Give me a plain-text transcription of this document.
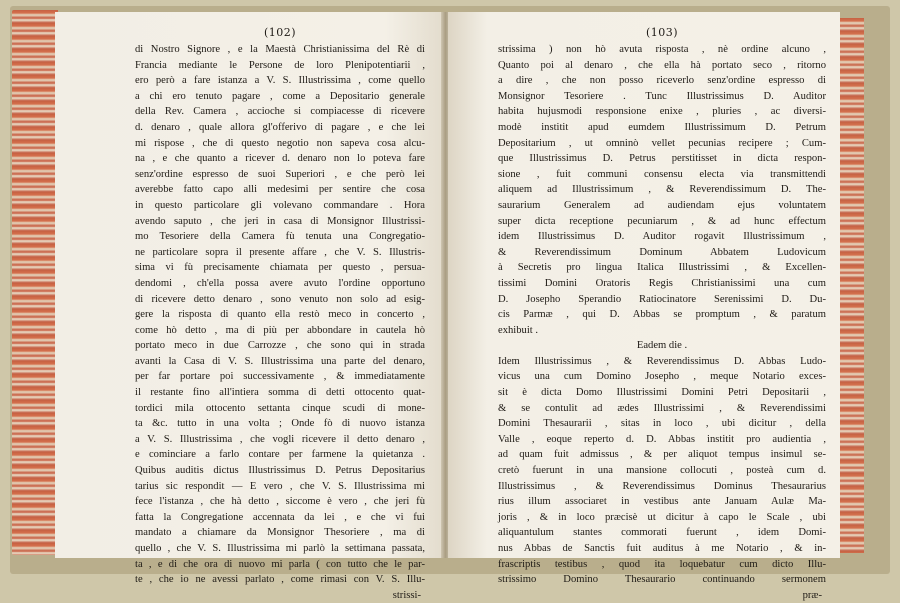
(102)
di Nostro Signore , e la Maestà Christianissima del Rè di
Francia mediante le Persone de loro Plenipotentiarii ,
ero però a fare istanza a V. S. Illustrissima , come quello
a chi ero tenuto pagare , come a Depositario generale
della Rev. Camera , accioche si compiacesse di ricevere
d. denaro , quale allora gl'offerivo di pagare , e che lei
mi rispose , che di questo negotio non sapeva cosa alcu-
na , e che quanto a ricever d. denaro non lo poteva fare
senz'ordine espresso de suoi Superiori , e che però lei
averebbe fatto capo alli medesimi per sentire che cosa
in questo particolare gli volevano commandare . Hora
avendo saputo , che jeri in casa di Monsignor Illustrissi-
mo Tesoriere della Camera fù tenuta una Congregatio-
ne particolare sopra il presente affare , che V. S. Illustris-
sima vi fù precisamente chiamata per questo , persua-
dendomi , ch'ella possa avere avuto l'ordine opportuno
di ricevere detto denaro , sono venuto non solo ad esig-
gere la risposta di quanto ella restò meco in concerto ,
come hò detto , ma di più per abbondare in cautela hò
portato meco in due Carrozze , che sono qui in strada
avanti la Casa di V. S. Illustrissima una parte del denaro,
per far portare poi successivamente , & immediatamente
il restante fino all'intiera somma di detti ottocento quat-
tordici mila ottocento settanta cinque scudi di mone-
ta &c. tutto in una volta ; Onde fò di nuovo istanza
a V. S. Illustrissima , che vogli ricevere il detto denaro ,
e cominciare a farlo contare per farmene la quietanza .
Quibus auditis dictus Illustrissimus D. Petrus Depositarius
tarius sic respondit — E vero , che V. S. Illustrissima mi
fece l'istanza , che hà detto , siccome è vero , che jeri fù
fatta la Congregatione accennata da lei , e che vi fui
mandato a chiamare da Monsignor Thesoriere , ma di
quello , che V. S. Illustrissima mi parlò la settimana passata,
ta , e di che ora di nuovo mi parla ( con tutto che le par-
te , che io ne avessi parlato , come rimasi con V. S. Illu-
strissi-
(103)
strissima ) non hò avuta risposta , nè ordine alcuno ,
Quanto poi al denaro , che ella hà portato seco , ritorno
a dire , che non posso riceverlo senz'ordine espresso di
Monsignor Tesoriere . Tunc Illustrissimus D. Auditor
habita hujusmodi responsione enixe , pluries , ac diversi-
modè institit apud eumdem Illustrissimum D. Petrum
Depositarium , ut omninò vellet pecunias recipere ; Cum-
que Illustrissimus D. Petrus perstitisset in dicta respon-
sione , fuit communi consensu electa via transmittendi
aliquem ad Illustrissimum , & Reverendissimum D. The-
saurarium Generalem ad audiendam ejus voluntatem
super dicta receptione pecuniarum , & ad hunc effectum
idem Illustrissimus D. Auditor rogavit Illustrissimum ,
& Reverendissimum Dominum Abbatem Ludovicum
à Secretis pro lingua Italica Illustrissimi , & Excellen-
tissimi Domini Oratoris Regis Christianissimi una cum
D. Josepho Sperandio Ratiocinatore Serenissimi D. Du-
cis Parmæ , qui D. Abbas se promptum , & paratum
exhibuit .
Eadem die .
Idem Illustrissimus , & Reverendissimus D. Abbas Ludo-
vicus una cum Domino Josepho , meque Notario exces-
sit è dicta Domo Illustrissimi Domini Petri Depositarii ,
& se contulit ad ædes Illustrissimi , & Reverendissimi
Domini Thesaurarii , sitas in loco , ubi dicitur , della
Valle , eoque reperto d. D. Abbas institit pro audientia ,
ad quam fuit admissus , & per aliquot tempus insimul se-
cretò fuerunt in una mansione collocuti , posteà cum d.
Illustrissimus , & Reverendissimus Dominus Thesaurarius
rius illum associaret in vestibus ante Januam Aulæ Ma-
joris , & in loco præcisè ut dicitur à capo le Scale , ubi
aliquantulum stantes commorati fuerunt , idem Domi-
nus Abbas de Sanctis fuit auditus à me Notario , & in-
frascriptis testibus , quod ita loquebatur cum dicto Illu-
strissimo Domino Thesaurario continuando sermonem
præ-
